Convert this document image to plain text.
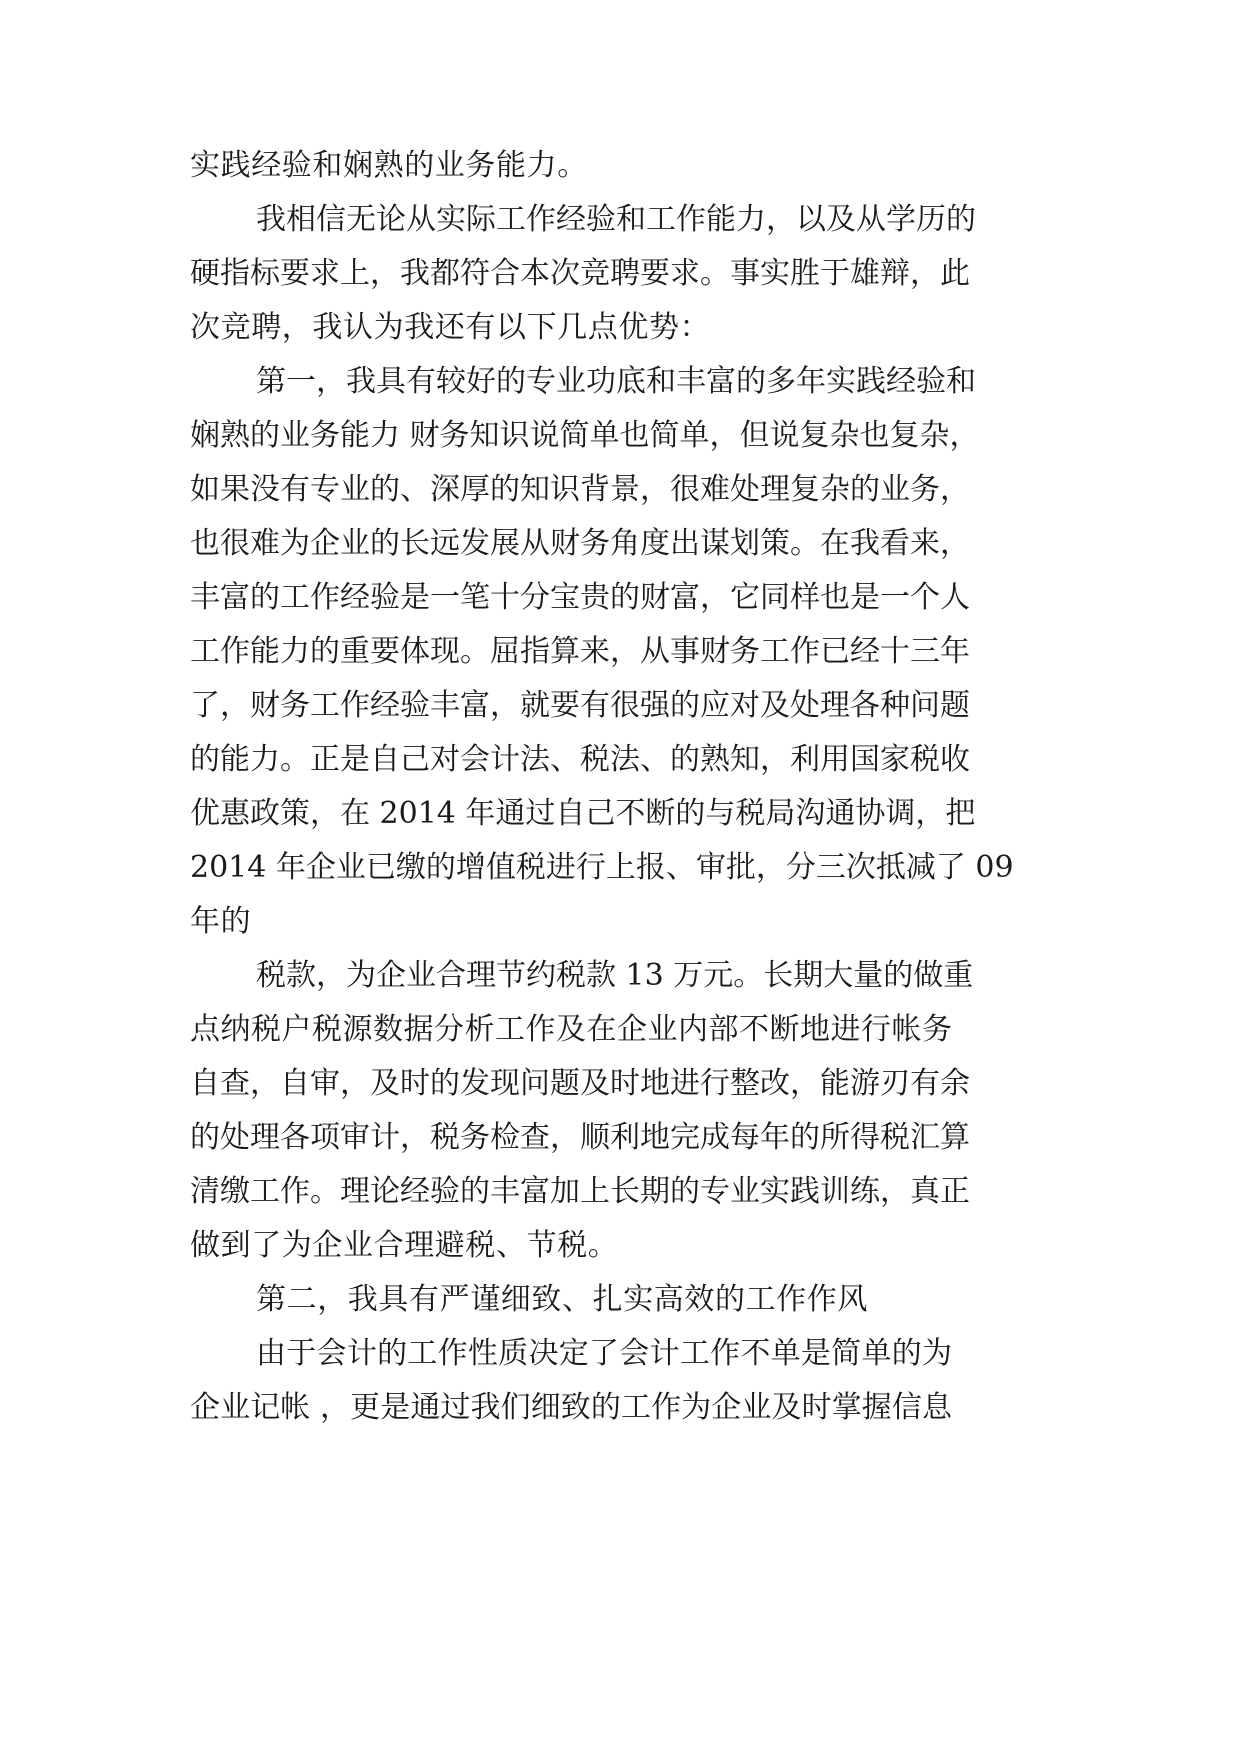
实践经验和娴熟的业务能力。

我相信无论从实际工作经验和工作能力，以及从学历的

硬指标要求上，我都符合本次竞聘要求。事实胜于雄辩，此

次竞聘，我认为我还有以下几点优势：

第一，我具有较好的专业功底和丰富的多年实践经验和

娴熟的业务能力 财务知识说简单也简单，但说复杂也复杂，

如果没有专业的、深厚的知识背景，很难处理复杂的业务，

也很难为企业的长远发展从财务角度出谋划策。在我看来，

丰富的工作经验是一笔十分宝贵的财富，它同样也是一个人

工作能力的重要体现。屈指算来，从事财务工作已经十三年

了，财务工作经验丰富，就要有很强的应对及处理各种问题

的能力。正是自己对会计法、税法、的熟知，利用国家税收

优惠政策，在 2014 年通过自己不断的与税局沟通协调，把

2014 年企业已缴的增值税进行上报、审批，分三次抵减了 09

年的

税款，为企业合理节约税款 13 万元。长期大量的做重

点纳税户税源数据分析工作及在企业内部不断地进行帐务

自查，自审，及时的发现问题及时地进行整改，能游刃有余

的处理各项审计，税务检查，顺利地完成每年的所得税汇算

清缴工作。理论经验的丰富加上长期的专业实践训练，真正

做到了为企业合理避税、节税。

第二，我具有严谨细致、扎实高效的工作作风

由于会计的工作性质决定了会计工作不单是简单的为

企业记帐 ，更是通过我们细致的工作为企业及时掌握信息
